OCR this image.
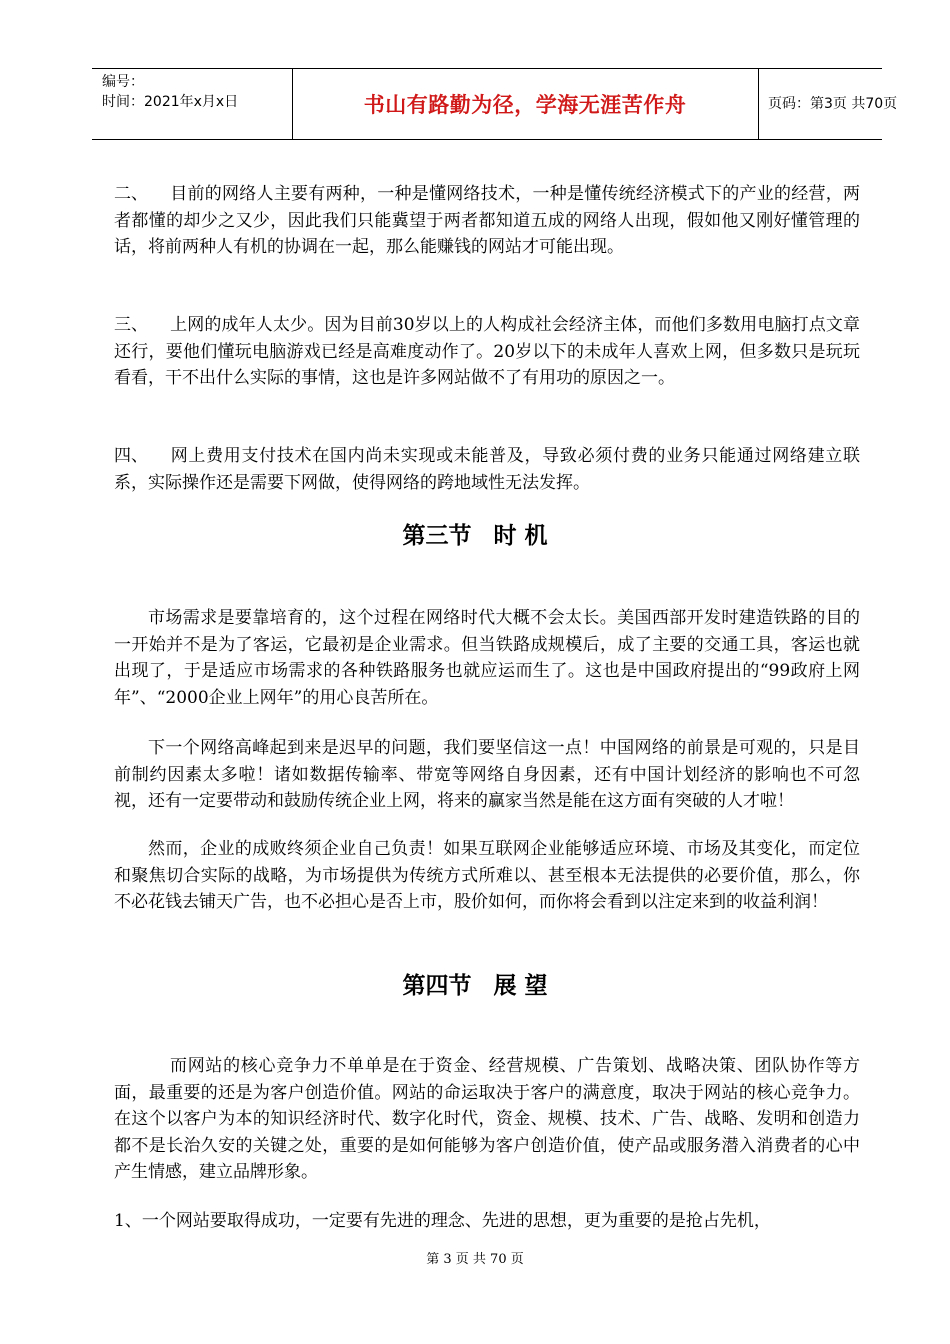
编号：
时间：2021年x月x日	书山有路勤为径，学海无涯苦作舟	页码：第3页 共70页

二、 目前的网络人主要有两种，一种是懂网络技术，一种是懂传统经济模式下的产业的经营，两者都懂的却少之又少，因此我们只能冀望于两者都知道五成的网络人出现，假如他又刚好懂管理的话，将前两种人有机的协调在一起，那么能赚钱的网站才可能出现。

三、 上网的成年人太少。因为目前30岁以上的人构成社会经济主体，而他们多数用电脑打点文章还行，要他们懂玩电脑游戏已经是高难度动作了。20岁以下的未成年人喜欢上网，但多数只是玩玩看看，干不出什么实际的事情，这也是许多网站做不了有用功的原因之一。

四、 网上费用支付技术在国内尚未实现或未能普及，导致必须付费的业务只能通过网络建立联系，实际操作还是需要下网做，使得网络的跨地域性无法发挥。

第三节 时 机

市场需求是要靠培育的，这个过程在网络时代大概不会太长。美国西部开发时建造铁路的目的一开始并不是为了客运，它最初是企业需求。但当铁路成规模后，成了主要的交通工具，客运也就出现了，于是适应市场需求的各种铁路服务也就应运而生了。这也是中国政府提出的“99政府上网年”、“2000企业上网年”的用心良苦所在。

下一个网络高峰起到来是迟早的问题，我们要坚信这一点！中国网络的前景是可观的，只是目前制约因素太多啦！诸如数据传输率、带宽等网络自身因素，还有中国计划经济的影响也不可忽视，还有一定要带动和鼓励传统企业上网，将来的赢家当然是能在这方面有突破的人才啦！

然而，企业的成败终须企业自己负责！如果互联网企业能够适应环境、市场及其变化，而定位和聚焦切合实际的战略，为市场提供为传统方式所难以、甚至根本无法提供的必要价值，那么，你不必花钱去铺天广告，也不必担心是否上市，股价如何，而你将会看到以注定来到的收益利润！

第四节 展 望

而网站的核心竞争力不单单是在于资金、经营规模、广告策划、战略决策、团队协作等方面，最重要的还是为客户创造价值。网站的命运取决于客户的满意度，取决于网站的核心竞争力。在这个以客户为本的知识经济时代、数字化时代，资金、规模、技术、广告、战略、发明和创造力都不是长治久安的关键之处，重要的是如何能够为客户创造价值，使产品或服务潜入消费者的心中产生情感，建立品牌形象。

1、一个网站要取得成功，一定要有先进的理念、先进的思想，更为重要的是抢占先机，

第 3 页 共 70 页
